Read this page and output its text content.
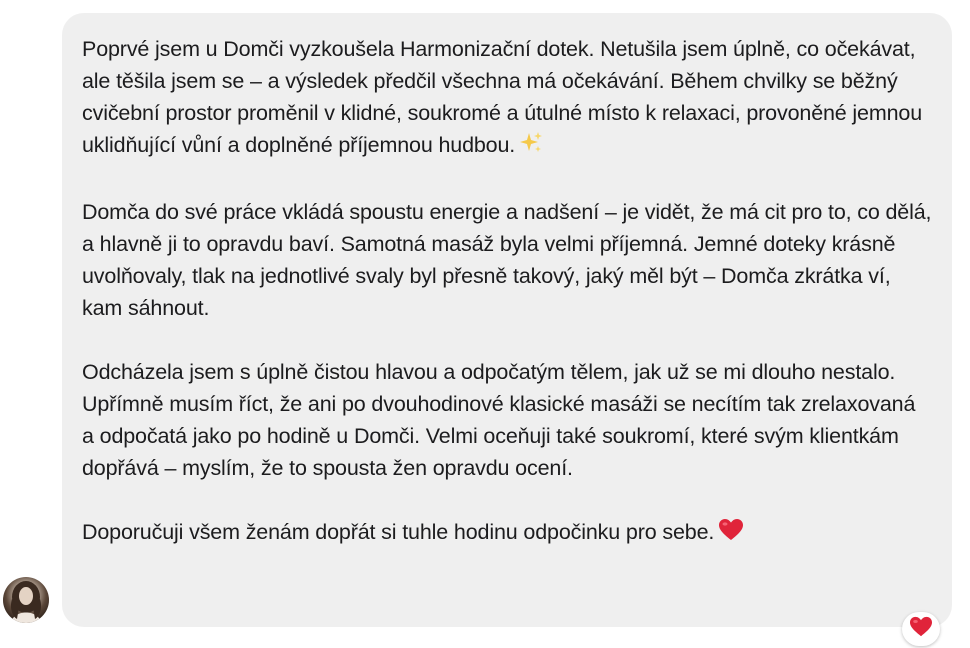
Poprvé jsem u Domči vyzkoušela Harmonizační dotek. Netušila jsem úplně, co očekávat, ale těšila jsem se – a výsledek předčil všechna má očekávání. Během chvilky se běžný cvičební prostor proměnil v klidné, soukromé a útulné místo k relaxaci, provoněné jemnou uklidňující vůní a doplněné příjemnou hudbou.

Domča do své práce vkládá spoustu energie a nadšení – je vidět, že má cit pro to, co dělá, a hlavně ji to opravdu baví. Samotná masáž byla velmi příjemná. Jemné doteky krásně uvolňovaly, tlak na jednotlivé svaly byl přesně takový, jaký měl být – Domča zkrátka ví, kam sáhnout.

Odcházela jsem s úplně čistou hlavou a odpočatým tělem, jak už se mi dlouho nestalo. Upřímně musím říct, že ani po dvouhodinové klasické masáži se necítím tak zrelaxovaná a odpočatá jako po hodině u Domči. Velmi oceňuji také soukromí, které svým klientkám dopřává – myslím, že to spousta žen opravdu ocení.

Doporučuji všem ženám dopřát si tuhle hodinu odpočinku pro sebe.
